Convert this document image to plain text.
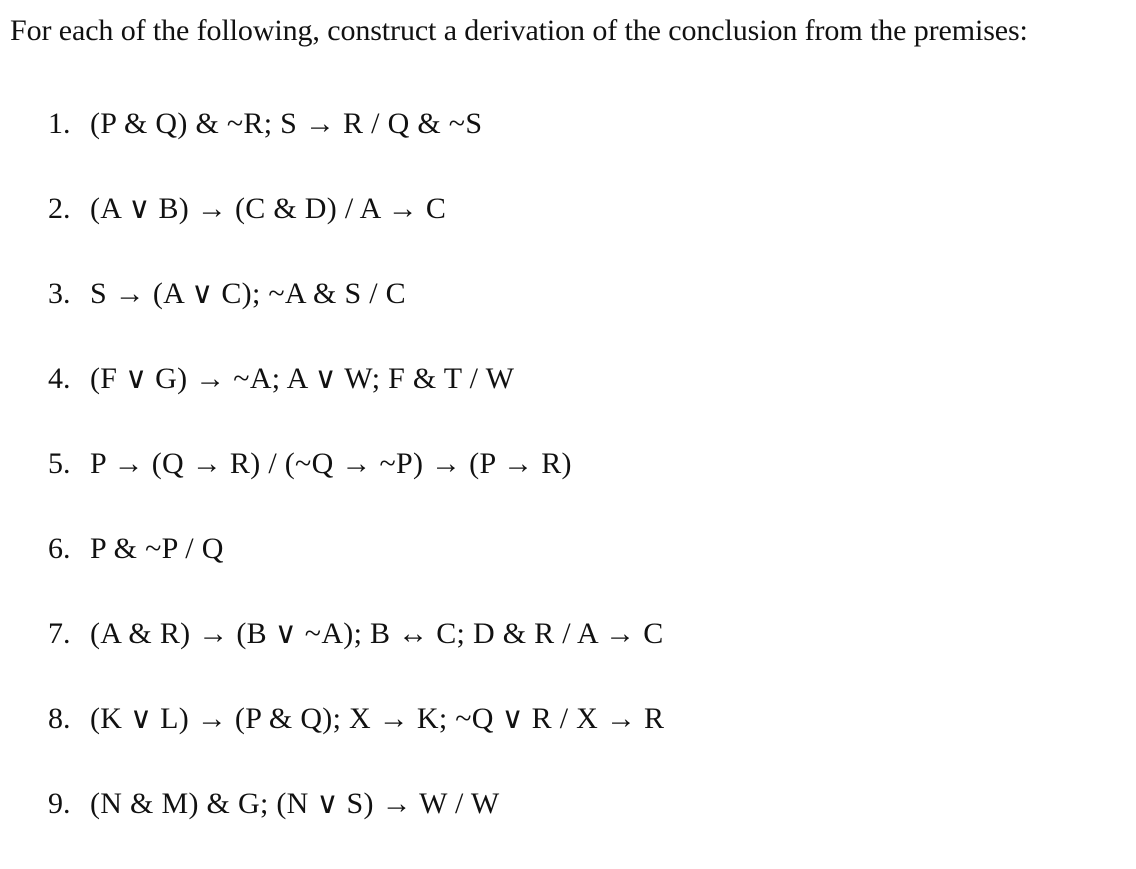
For each of the following, construct a derivation of the conclusion from the premises:
1. (P & Q) & ~R; S → R / Q & ~S
2. (A ∨ B) → (C & D) / A → C
3. S → (A ∨ C); ~A & S / C
4. (F ∨ G) → ~A; A ∨ W; F & T / W
5. P → (Q → R) / (~Q → ~P) → (P → R)
6. P & ~P / Q
7. (A & R) → (B ∨ ~A); B ↔ C; D & R / A → C
8. (K ∨ L) → (P & Q); X → K; ~Q ∨ R / X → R
9. (N & M) & G; (N ∨ S) → W / W
